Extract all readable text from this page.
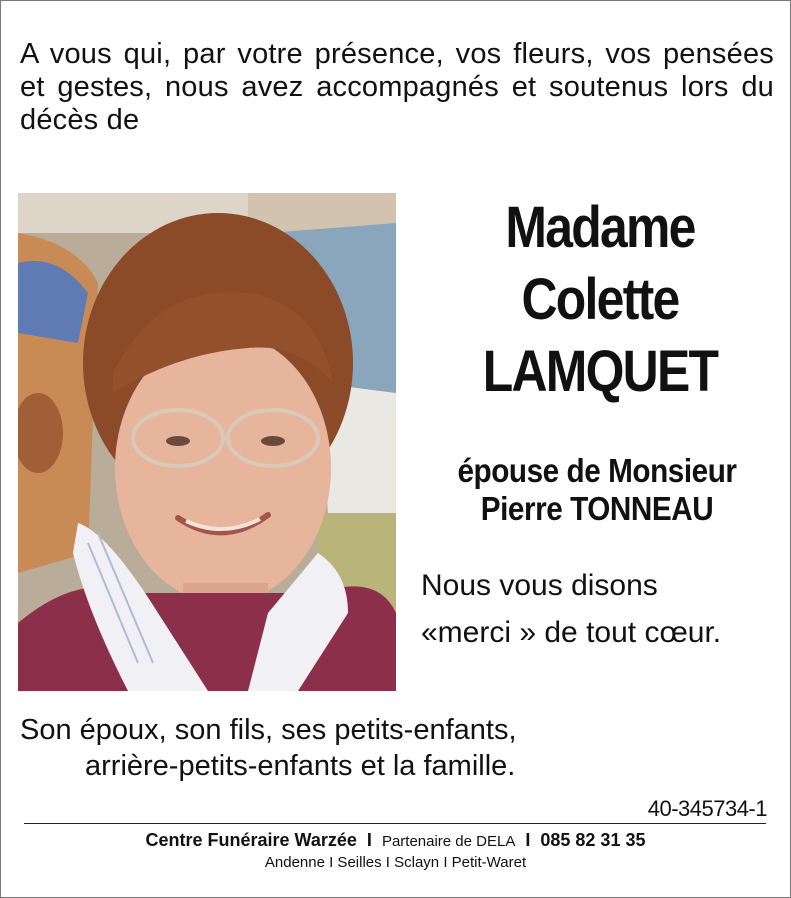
A vous qui, par votre présence, vos fleurs, vos pensées et gestes, nous avez accompagnés et soutenus lors du décès de
Madame
Colette
LAMQUET
épouse de Monsieur
Pierre TONNEAU
Nous vous disons
«merci » de tout cœur.
Son époux, son fils, ses petits-enfants,
arrière-petits-enfants et la famille.
40-345734-1
Centre Funéraire Warzée I Partenaire de DELA I 085 82 31 35
Andenne I Seilles I Sclayn I Petit-Waret
